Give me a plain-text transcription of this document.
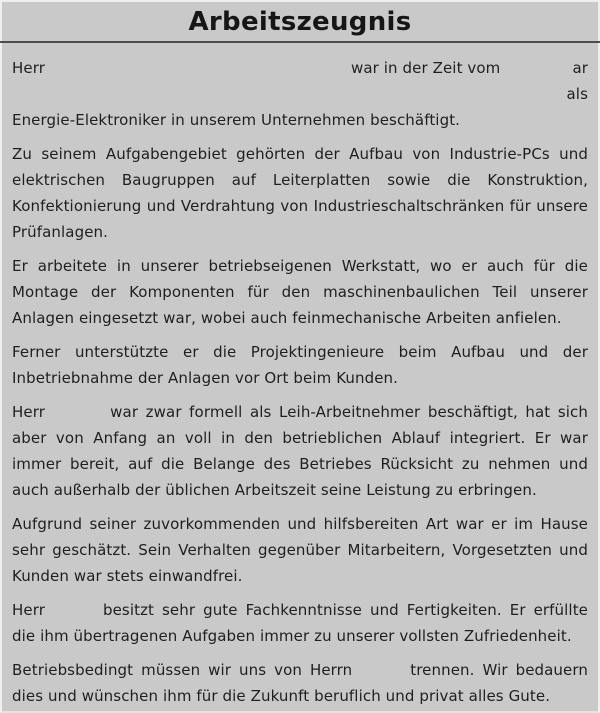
Arbeitszeugnis
Herr	war in der Zeit vom	ar
als
Energie-Elektroniker in unserem Unternehmen beschäftigt.

Zu seinem Aufgabengebiet gehörten der Aufbau von Industrie-PCs und elektrischen Baugruppen auf Leiterplatten sowie die Konstruktion, Konfektionierung und Verdrahtung von Industrieschaltschränken für unsere Prüfanlagen.

Er arbeitete in unserer betriebseigenen Werkstatt, wo er auch für die Montage der Komponenten für den maschinenbaulichen Teil unserer Anlagen eingesetzt war, wobei auch feinmechanische Arbeiten anfielen.

Ferner unterstützte er die Projektingenieure beim Aufbau und der Inbetriebnahme der Anlagen vor Ort beim Kunden.

Herr	war zwar formell als Leih-Arbeitnehmer beschäftigt, hat sich aber von Anfang an voll in den betrieblichen Ablauf integriert. Er war immer bereit, auf die Belange des Betriebes Rücksicht zu nehmen und auch außerhalb der üblichen Arbeitszeit seine Leistung zu erbringen.

Aufgrund seiner zuvorkommenden und hilfsbereiten Art war er im Hause sehr geschätzt. Sein Verhalten gegenüber Mitarbeitern, Vorgesetzten und Kunden war stets einwandfrei.

Herr	besitzt sehr gute Fachkenntnisse und Fertigkeiten. Er erfüllte die ihm übertragenen Aufgaben immer zu unserer vollsten Zufriedenheit.

Betriebsbedingt müssen wir uns von Herrn	trennen. Wir bedauern dies und wünschen ihm für die Zukunft beruflich und privat alles Gute.
